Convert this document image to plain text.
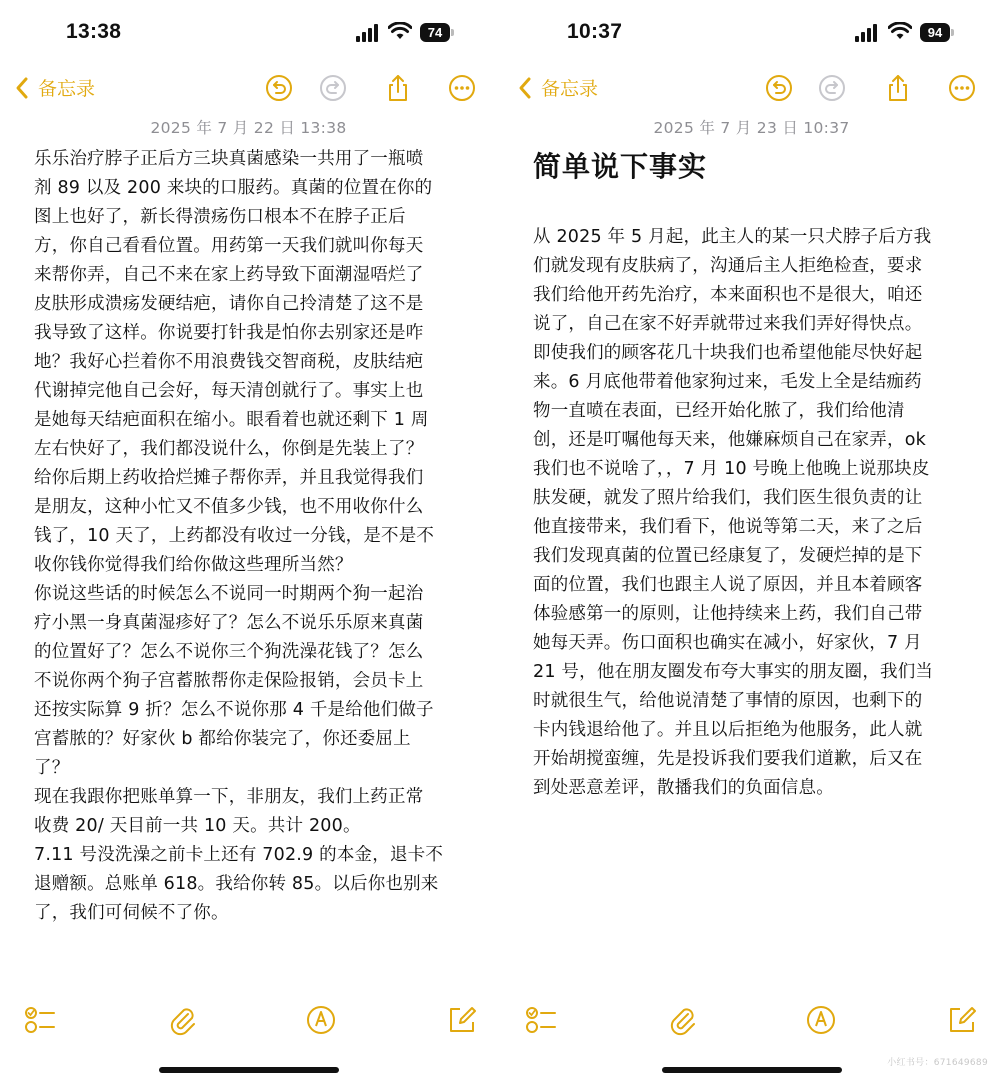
13:38	74
备忘录
2025 年 7 月 22 日 13:38
乐乐治疗脖子正后方三块真菌感染一共用了一瓶喷
剂 89 以及 200 来块的口服药。真菌的位置在你的
图上也好了，新长得溃疡伤口根本不在脖子正后
方，你自己看看位置。用药第一天我们就叫你每天
来帮你弄，自己不来在家上药导致下面潮湿唔烂了
皮肤形成溃疡发硬结疤，请你自己拎清楚了这不是
我导致了这样。你说要打针我是怕你去别家还是咋
地？我好心拦着你不用浪费钱交智商税，皮肤结疤
代谢掉完他自己会好，每天清创就行了。事实上也
是她每天结疤面积在缩小。眼看着也就还剩下 1 周
左右快好了，我们都没说什么，你倒是先装上了？
给你后期上药收拾烂摊子帮你弄，并且我觉得我们
是朋友，这种小忙又不值多少钱，也不用收你什么
钱了，10 天了，上药都没有收过一分钱，是不是不
收你钱你觉得我们给你做这些理所当然？
你说这些话的时候怎么不说同一时期两个狗一起治
疗小黑一身真菌湿疹好了？怎么不说乐乐原来真菌
的位置好了？怎么不说你三个狗洗澡花钱了？怎么
不说你两个狗子宫蓄脓帮你走保险报销，会员卡上
还按实际算 9 折？怎么不说你那 4 千是给他们做子
宫蓄脓的？好家伙 b 都给你装完了，你还委屈上
了？
现在我跟你把账单算一下，非朋友，我们上药正常
收费 20/ 天目前一共 10 天。共计 200。
7.11 号没洗澡之前卡上还有 702.9 的本金，退卡不
退赠额。总账单 618。我给你转 85。以后你也别来
了，我们可伺候不了你。
10:37	94
备忘录
2025 年 7 月 23 日 10:37
简单说下事实
从 2025 年 5 月起，此主人的某一只犬脖子后方我
们就发现有皮肤病了，沟通后主人拒绝检查，要求
我们给他开药先治疗，本来面积也不是很大，咱还
说了，自己在家不好弄就带过来我们弄好得快点。
即使我们的顾客花几十块我们也希望他能尽快好起
来。6 月底他带着他家狗过来，毛发上全是结痂药
物一直喷在表面，已经开始化脓了，我们给他清
创，还是叮嘱他每天来，他嫌麻烦自己在家弄，ok
我们也不说啥了，，7 月 10 号晚上他晚上说那块皮
肤发硬，就发了照片给我们，我们医生很负责的让
他直接带来，我们看下，他说等第二天，来了之后
我们发现真菌的位置已经康复了，发硬烂掉的是下
面的位置，我们也跟主人说了原因，并且本着顾客
体验感第一的原则，让他持续来上药，我们自己带
她每天弄。伤口面积也确实在减小，好家伙，7 月
21 号，他在朋友圈发布夸大事实的朋友圈，我们当
时就很生气，给他说清楚了事情的原因，也剩下的
卡内钱退给他了。并且以后拒绝为他服务，此人就
开始胡搅蛮缠，先是投诉我们要我们道歉，后又在
到处恶意差评，散播我们的负面信息。
小红书号：671649689
